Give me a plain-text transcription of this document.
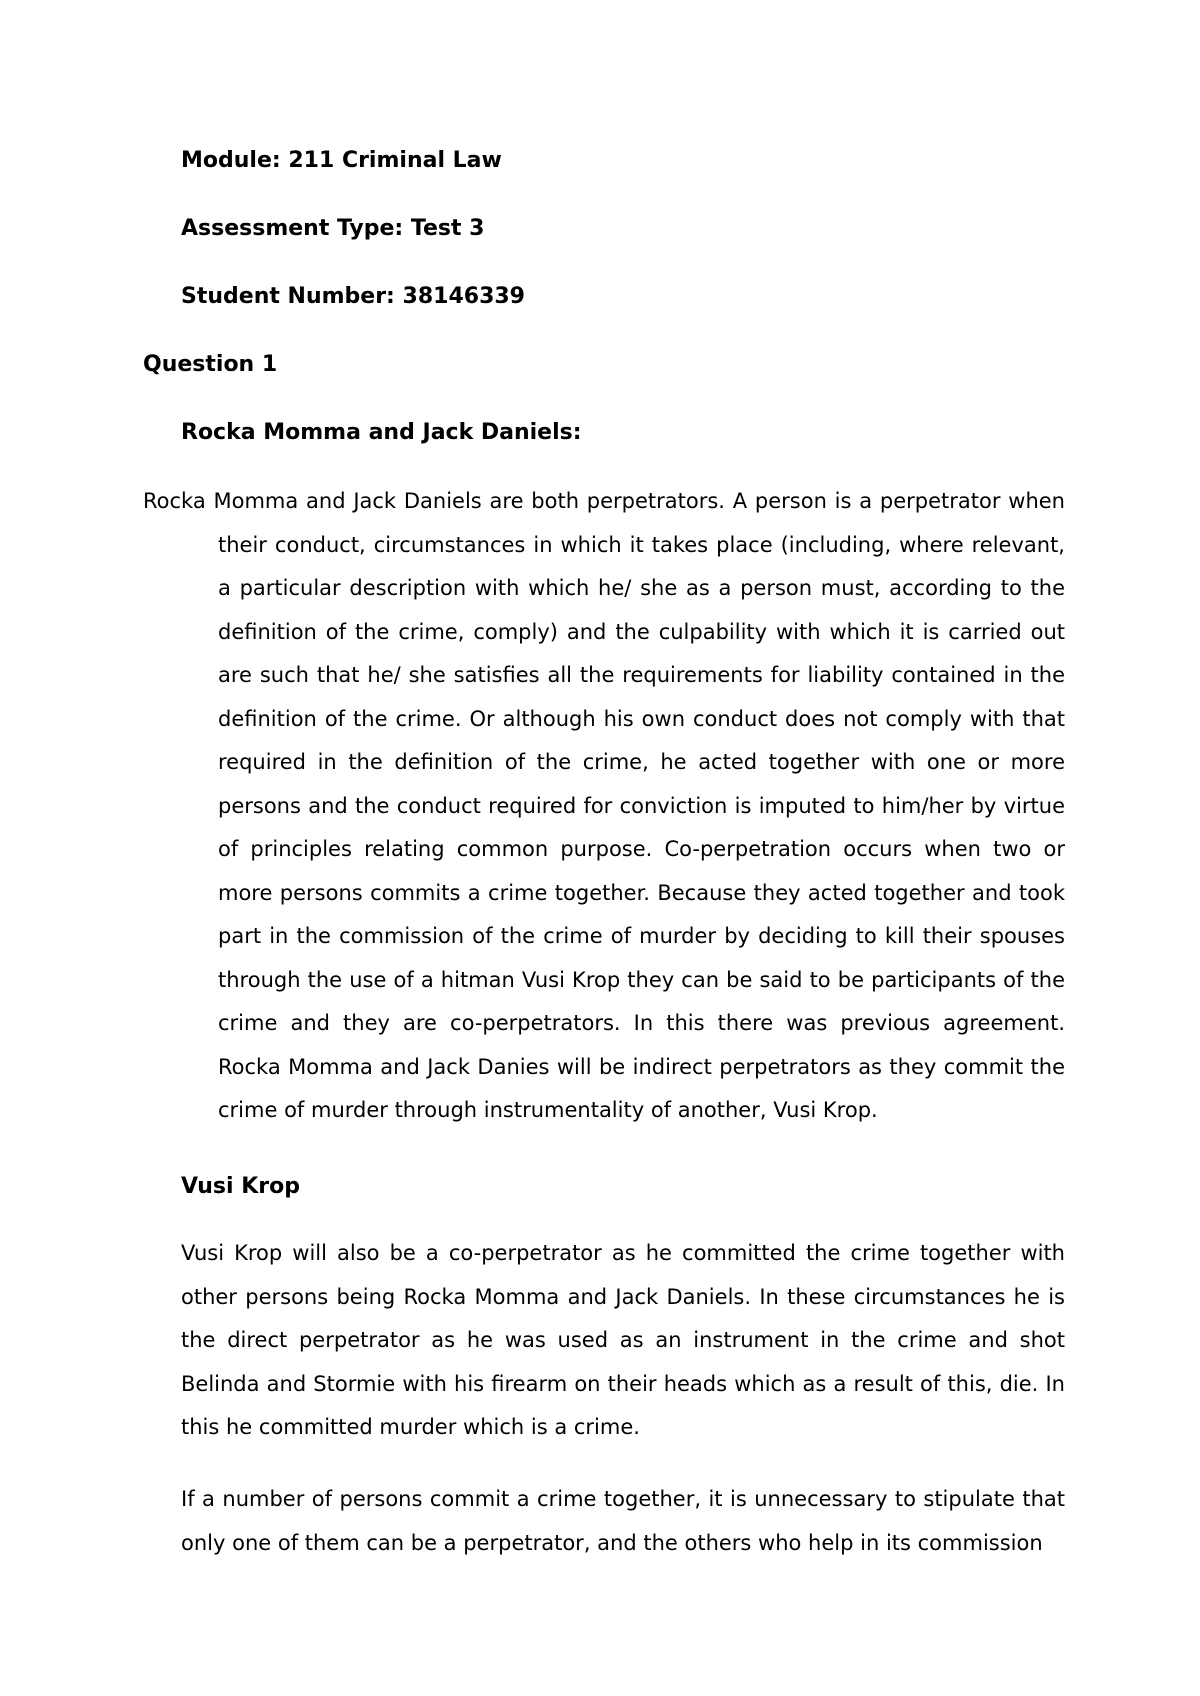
Module: 211 Criminal Law
Assessment Type: Test 3
Student Number: 38146339
Question 1
Rocka Momma and Jack Daniels:

Rocka Momma and Jack Daniels are both perpetrators. A person is a perpetrator when their conduct, circumstances in which it takes place (including, where relevant, a particular description with which he/ she as a person must, according to the definition of the crime, comply) and the culpability with which it is carried out are such that he/ she satisfies all the requirements for liability contained in the definition of the crime. Or although his own conduct does not comply with that required in the definition of the crime, he acted together with one or more persons and the conduct required for conviction is imputed to him/her by virtue of principles relating common purpose. Co-perpetration occurs when two or more persons commits a crime together. Because they acted together and took part in the commission of the crime of murder by deciding to kill their spouses through the use of a hitman Vusi Krop they can be said to be participants of the crime and they are co-perpetrators. In this there was previous agreement. Rocka Momma and Jack Danies will be indirect perpetrators as they commit the crime of murder through instrumentality of another, Vusi Krop.

Vusi Krop

Vusi Krop will also be a co-perpetrator as he committed the crime together with other persons being Rocka Momma and Jack Daniels. In these circumstances he is the direct perpetrator as he was used as an instrument in the crime and shot Belinda and Stormie with his firearm on their heads which as a result of this, die. In this he committed murder which is a crime.

If a number of persons commit a crime together, it is unnecessary to stipulate that only one of them can be a perpetrator, and the others who help in its commission
